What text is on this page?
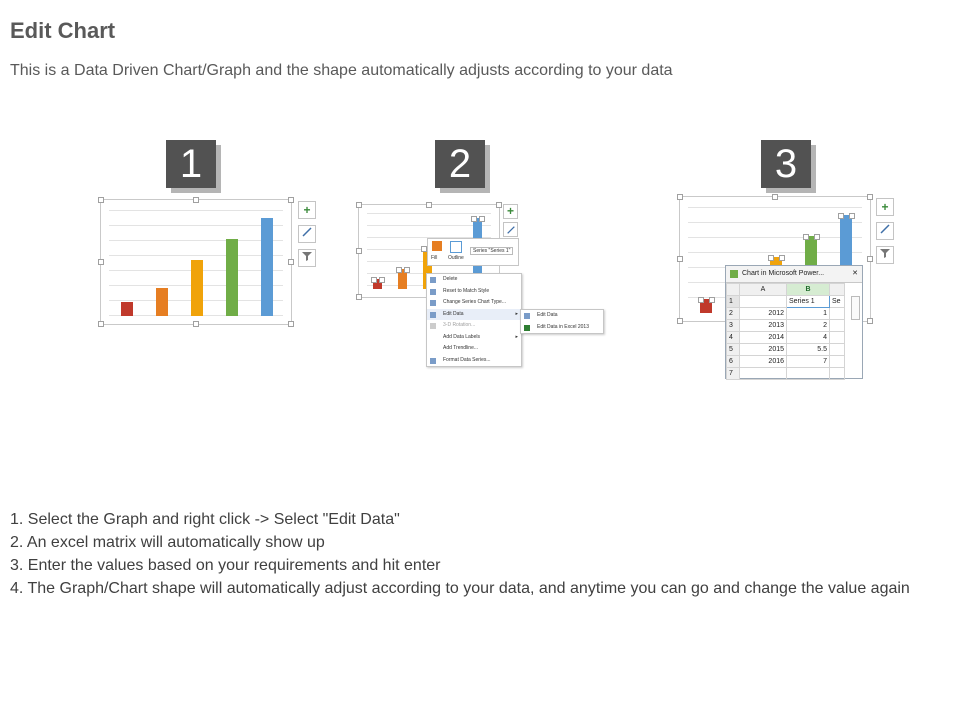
Edit Chart
This is a Data Driven Chart/Graph and the shape automatically adjusts according to your data
1	2	3
+	+
Fill Outline
Series "Series 1"
Delete
Reset to Match Style
Change Series Chart Type...
Edit Data	▸
3-D Rotation...
Add Data Labels	▸
Add Trendline...
Format Data Series...
Edit Data
Edit Data in Excel 2013
+
Chart in Microsoft Power...	✕
	A	B	
1		Series 1	Se
2	2012	1	
3	2013	2	
4	2014	4	
5	2015	5.5	
6	2016	7	
7			
1. Select the Graph and right click -> Select "Edit Data"
2. An excel matrix will automatically show up
3. Enter the values based on your requirements and hit enter
4. The Graph/Chart shape will automatically adjust according to your data, and anytime you can go and change the value again
